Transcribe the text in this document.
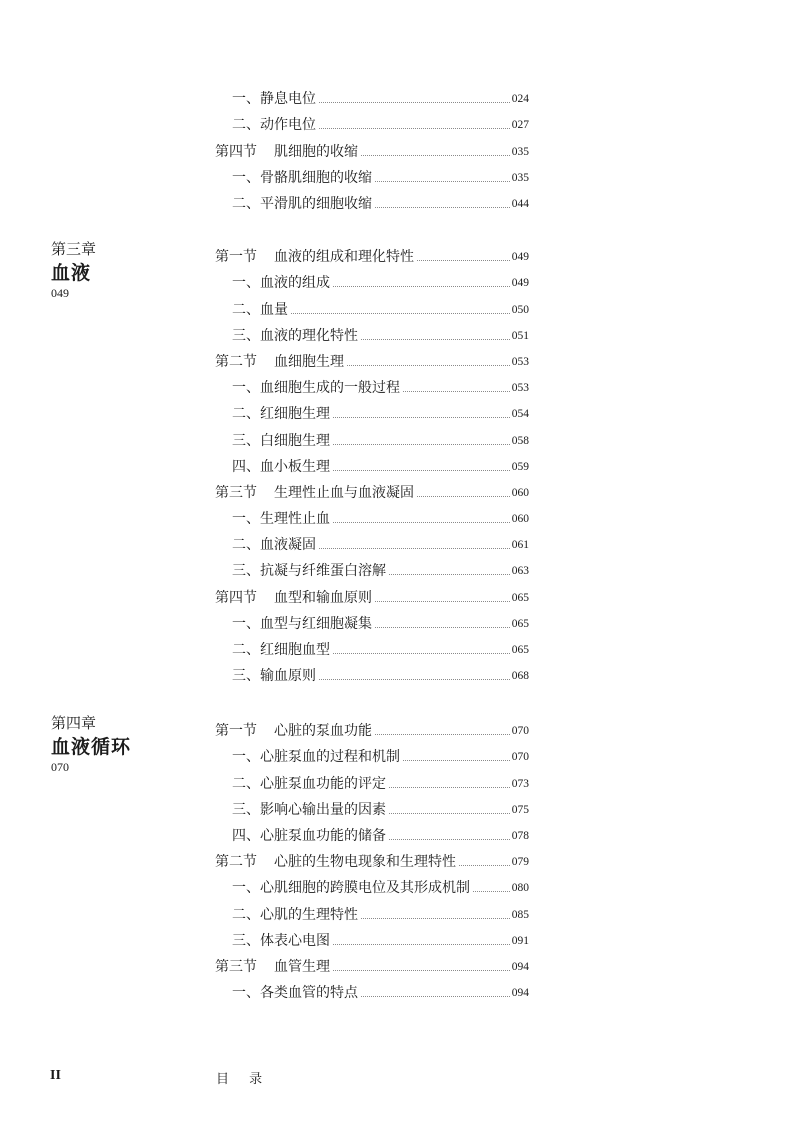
一、静息电位	024
二、动作电位	027
第四节 肌细胞的收缩	035
一、骨骼肌细胞的收缩	035
二、平滑肌的细胞收缩	044
第三章
血液
049
第一节 血液的组成和理化特性	049
一、血液的组成	049
二、血量	050
三、血液的理化特性	051
第二节 血细胞生理	053
一、血细胞生成的一般过程	053
二、红细胞生理	054
三、白细胞生理	058
四、血小板生理	059
第三节 生理性止血与血液凝固	060
一、生理性止血	060
二、血液凝固	061
三、抗凝与纤维蛋白溶解	063
第四节 血型和输血原则	065
一、血型与红细胞凝集	065
二、红细胞血型	065
三、输血原则	068
第四章
血液循环
070
第一节 心脏的泵血功能	070
一、心脏泵血的过程和机制	070
二、心脏泵血功能的评定	073
三、影响心输出量的因素	075
四、心脏泵血功能的储备	078
第二节 心脏的生物电现象和生理特性	079
一、心肌细胞的跨膜电位及其形成机制	080
二、心肌的生理特性	085
三、体表心电图	091
第三节 血管生理	094
一、各类血管的特点	094
II	目 录
